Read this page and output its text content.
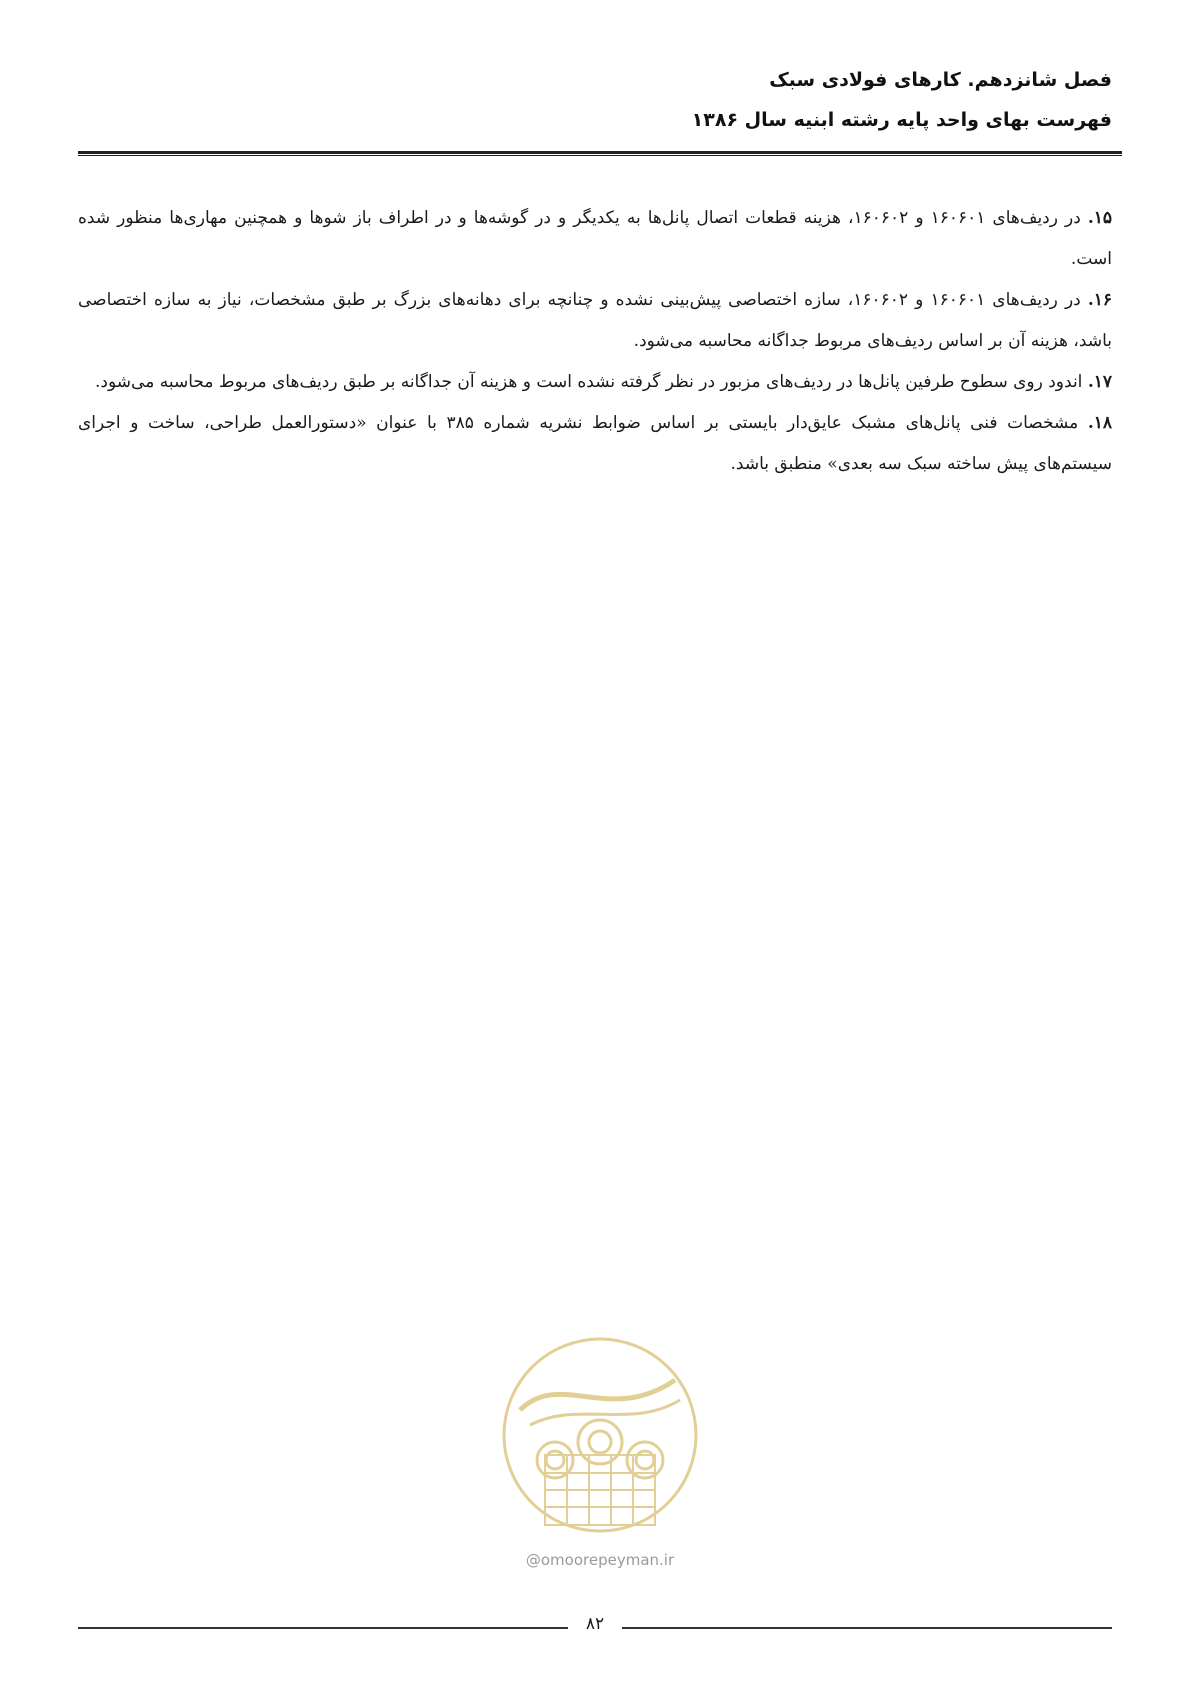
فصل شانزدهم. کارهای فولادی سبک
فهرست بهای واحد پایه رشته ابنیه سال ۱۳۸۶

۱۵. در ردیف‌های ۱۶۰۶۰۱ و ۱۶۰۶۰۲، هزینه قطعات اتصال پانل‌ها به یکدیگر و در گوشه‌ها و در اطراف باز شوها و همچنین مهاری‌ها منظور شده است.

۱۶. در ردیف‌های ۱۶۰۶۰۱ و ۱۶۰۶۰۲، سازه اختصاصی پیش‌بینی نشده و چنانچه برای دهانه‌های بزرگ بر طبق مشخصات، نیاز به سازه اختصاصی باشد، هزینه آن بر اساس ردیف‌های مربوط جداگانه محاسبه می‌شود.

۱۷. اندود روی سطوح طرفین پانل‌ها در ردیف‌های مزبور در نظر گرفته نشده است و هزینه آن جداگانه بر طبق ردیف‌های مربوط محاسبه می‌شود.

۱۸. مشخصات فنی پانل‌های مشبک عایق‌دار بایستی بر اساس ضوابط نشریه شماره ۳۸۵ با عنوان «دستورالعمل طراحی، ساخت و اجرای سیستم‌های پیش ساخته سبک سه بعدی» منطبق باشد.

@omoorepeyman.ir
۸۲
